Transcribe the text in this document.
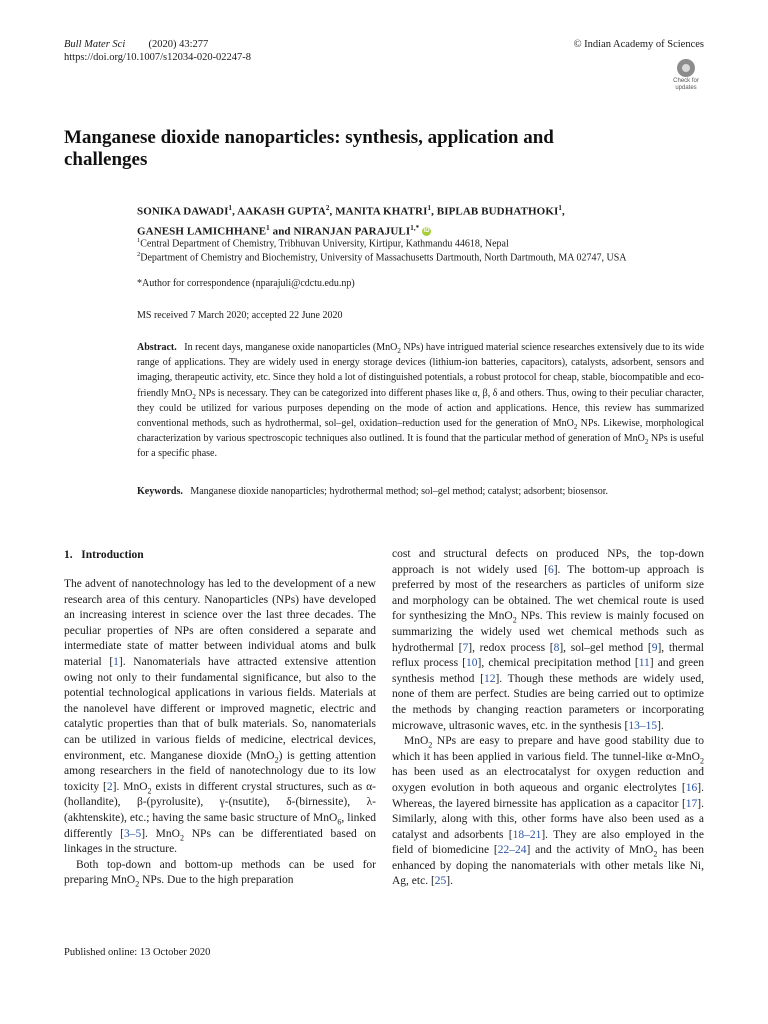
Bull Mater Sci (2020) 43:277
https://doi.org/10.1007/s12034-020-02247-8
© Indian Academy of Sciences
Check for
updates
Manganese dioxide nanoparticles: synthesis, application and challenges
SONIKA DAWADI$^1$, AAKASH GUPTA$^2$, MANITA KHATRI$^1$, BIPLAB BUDHATHOKI$^1$,
GANESH LAMICHHANE$^1$ and NIRANJAN $PARAJULI^{1,*}$ iD
$^1$Central Department of Chemistry, Tribhuvan University, Kirtipur, Kathmandu 44618, Nepal
$^2$Department of Chemistry and Biochemistry, University of Massachusetts Dartmouth, North Dartmouth, MA 02747, USA
*Author for correspondence (nparajuli@cdctu.edu.np)
MS received 7 March 2020; accepted 22 June 2020
Abstract. In recent days, manganese oxide nanoparticles (MnO$_2$ NPs) have intrigued material science researches extensively due to its wide range of applications. They are widely used in energy storage devices (lithium-ion batteries, capacitors), catalysts, adsorbent, sensors and imaging, therapeutic activity, etc. Since they hold a lot of distinguished potentials, a robust protocol for cheap, stable, biocompatible and eco-friendly MnO$_2$ NPs is necessary. They can be categorized into different phases like α, β, δ and others. Thus, owing to their peculiar character, they could be utilized for various purposes depending on the mode of action and applications. Hence, this review has summarized conventional methods, such as hydrothermal, sol–gel, oxidation–reduction used for the generation of MnO$_2$ NPs. Likewise, morphological characterization by various spectroscopic techniques also outlined. It is found that the particular method of generation of MnO$_2$ NPs is useful for a specific phase.
Keywords. Manganese dioxide nanoparticles; hydrothermal method; sol–gel method; catalyst; adsorbent; biosensor.
1. Introduction

The advent of nanotechnology has led to the development of a new research area of this century. Nanoparticles (NPs) have developed an increasing interest in science over the last three decades. The peculiar properties of NPs are often considered a separate and intermediate state of matter between individual atoms and bulk material [1]. Nanomaterials have attracted extensive attention owing not only to their fundamental significance, but also to the potential technological applications in various fields. Materials at the nanolevel have different or improved magnetic, electric and catalytic properties than that of bulk materials. So, nanomaterials can be utilized in various fields of medicine, electrical devices, environment, etc. Manganese dioxide (MnO$_2$) is getting attention among researchers in the field of nanotechnology due to its low toxicity [2]. MnO$_2$ exists in different crystal structures, such as α-(hollandite), β-(pyrolusite), γ-(nsutite), δ-(birnessite), λ-(akhtenskite), etc.; having the same basic structure of MnO$_6$, linked differently [3–5]. MnO$_2$ NPs can be differentiated based on linkages in the structure.

Both top-down and bottom-up methods can be used for preparing MnO$_2$ NPs. Due to the high preparation

cost and structural defects on produced NPs, the top-down approach is not widely used [6]. The bottom-up approach is preferred by most of the researchers as particles of uniform size and morphology can be obtained. The wet chemical route is used for synthesizing the MnO$_2$ NPs. This review is mainly focused on summarizing the widely used wet chemical methods such as hydrothermal [7], redox process [8], sol–gel method [9], thermal reflux process [10], chemical precipitation method [11] and green synthesis method [12]. Though these methods are widely used, none of them are perfect. Studies are being carried out to optimize the methods by changing reaction parameters or incorporating microwave, ultrasonic waves, etc. in the synthesis [13–15].

MnO$_2$ NPs are easy to prepare and have good stability due to which it has been applied in various field. The tunnel-like α-MnO$_2$ has been used as an electrocatalyst for oxygen reduction and oxygen evolution in both aqueous and organic electrolytes [16]. Whereas, the layered birnessite has application as a capacitor [17]. Similarly, along with this, other forms have also been used as a catalyst and adsorbents [18–21]. They are also employed in the field of biomedicine [22–24] and the activity of MnO$_2$ has been enhanced by doping the nanomaterials with other metals like Ni, Ag, etc. [25].

Published online: 13 October 2020
